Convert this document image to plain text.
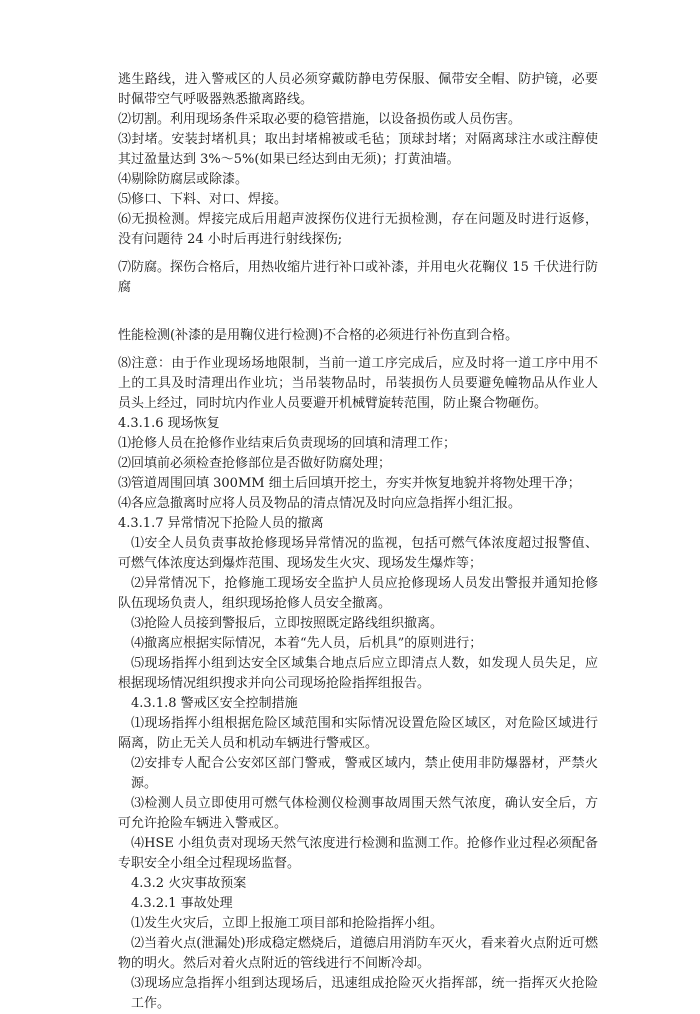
逃生路线，进入警戒区的人员必须穿戴防静电劳保服、佩带安全帽、防护镜，必要时佩带空气呼吸器熟悉撤离路线。

⑵切割。利用现场条件采取必要的稳管措施，以设备损伤或人员伤害。

⑶封堵。安装封堵机具；取出封堵棉被或毛毡；顶球封堵；对隔离球注水或注醇使其过盈量达到 3%～5%(如果已经达到由无须)；打黄油墙。

⑷剔除防腐层或除漆。

⑸修口、下料、对口、焊接。

⑹无损检测。焊接完成后用超声波探伤仪进行无损检测，存在问题及时进行返修，没有问题待 24 小时后再进行射线探伤;

⑺防腐。探伤合格后，用热收缩片进行补口或补漆，并用电火花鞠仪 15 千伏进行防腐

性能检测(补漆的是用鞠仪进行检测)不合格的必须进行补伤直到合格。

⑻注意：由于作业现场场地限制，当前一道工序完成后，应及时将一道工序中用不上的工具及时清理出作业坑；当吊装物品时，吊装损伤人员要避免幢物品从作业人员头上经过，同时坑内作业人员要避开机械臂旋转范围，防止聚合物砸伤。

4.3.1.6 现场恢复

⑴抢修人员在抢修作业结束后负责现场的回填和清理工作；

⑵回填前必须检查抢修部位是否做好防腐处理；

⑶管道周围回填 300MM 细土后回填开挖土，夯实并恢复地貌并将物处理干净；

⑷各应急撤离时应将人员及物品的清点情况及时向应急指挥小组汇报。

4.3.1.7 异常情况下抢险人员的撤离

⑴安全人员负责事故抢修现场异常情况的监视，包括可燃气体浓度超过报警值、可燃气体浓度达到爆炸范围、现场发生火灾、现场发生爆炸等；

⑵异常情况下，抢修施工现场安全监护人员应抢修现场人员发出警报并通知抢修队伍现场负责人，组织现场抢修人员安全撤离。

⑶抢险人员接到警报后，立即按照既定路线组织撤离。

⑷撤离应根据实际情况，本着“先人员，后机具”的原则进行；

⑸现场指挥小组到达安全区域集合地点后应立即清点人数，如发现人员失足，应根据现场情况组织搜求并向公司现场抢险指挥组报告。

4.3.1.8 警戒区安全控制措施

⑴现场指挥小组根据危险区域范围和实际情况设置危险区域区，对危险区域进行隔离，防止无关人员和机动车辆进行警戒区。

⑵安排专人配合公安郊区部门警戒，警戒区域内，禁止使用非防爆器材，严禁火源。

⑶检测人员立即使用可燃气体检测仪检测事故周围天然气浓度，确认安全后，方可允许抢险车辆进入警戒区。

⑷HSE 小组负责对现场天然气浓度进行检测和监测工作。抢修作业过程必须配备专职安全小组全过程现场监督。

4.3.2 火灾事故预案

4.3.2.1 事故处理

⑴发生火灾后，立即上报施工项目部和抢险指挥小组。

⑵当着火点(泄漏处)形成稳定燃烧后，道德启用消防车灭火，看来着火点附近可燃物的明火。然后对着火点附近的管线进行不间断冷却。

⑶现场应急指挥小组到达现场后，迅速组成抢险灭火指挥部，统一指挥灭火抢险工作。
